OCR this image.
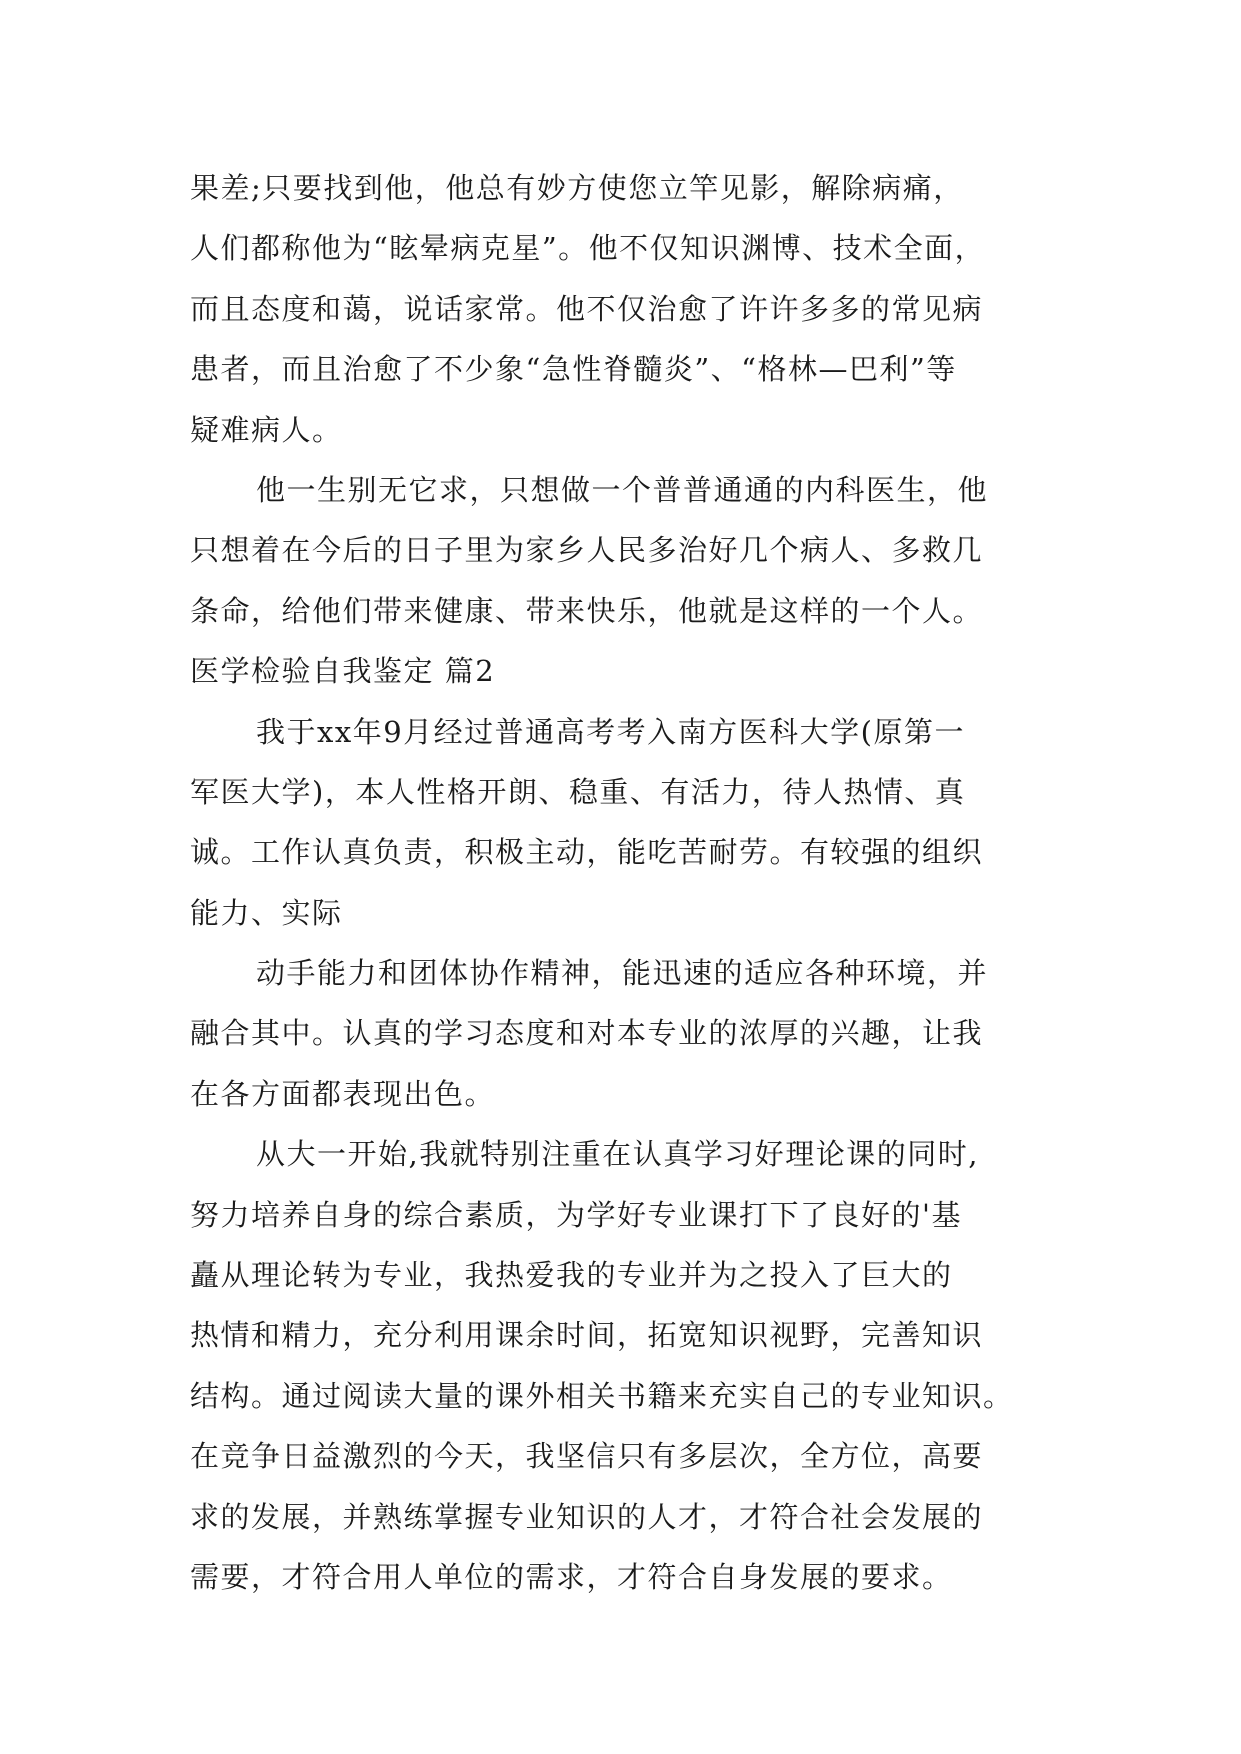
果差;只要找到他，他总有妙方使您立竿见影，解除病痛，
人们都称他为“眩晕病克星”。他不仅知识渊博、技术全面，
而且态度和蔼，说话家常。他不仅治愈了许许多多的常见病
患者，而且治愈了不少象“急性脊髓炎”、“格林—巴利”等
疑难病人。
他一生别无它求，只想做一个普普通通的内科医生，他
只想着在今后的日子里为家乡人民多治好几个病人、多救几
条命，给他们带来健康、带来快乐，他就是这样的一个人。
医学检验自我鉴定 篇2
我于xx年9月经过普通高考考入南方医科大学(原第一
军医大学)，本人性格开朗、稳重、有活力，待人热情、真
诚。工作认真负责，积极主动，能吃苦耐劳。有较强的组织
能力、实际
动手能力和团体协作精神，能迅速的适应各种环境，并
融合其中。认真的学习态度和对本专业的浓厚的兴趣，让我
在各方面都表现出色。
从大一开始,我就特别注重在认真学习好理论课的同时,
努力培养自身的综合素质，为学好专业课打下了良好的'基
矗从理论转为专业，我热爱我的专业并为之投入了巨大的
热情和精力，充分利用课余时间，拓宽知识视野，完善知识
结构。通过阅读大量的课外相关书籍来充实自己的专业知识。
在竞争日益激烈的今天，我坚信只有多层次，全方位，高要
求的发展，并熟练掌握专业知识的人才，才符合社会发展的
需要，才符合用人单位的需求，才符合自身发展的要求。
